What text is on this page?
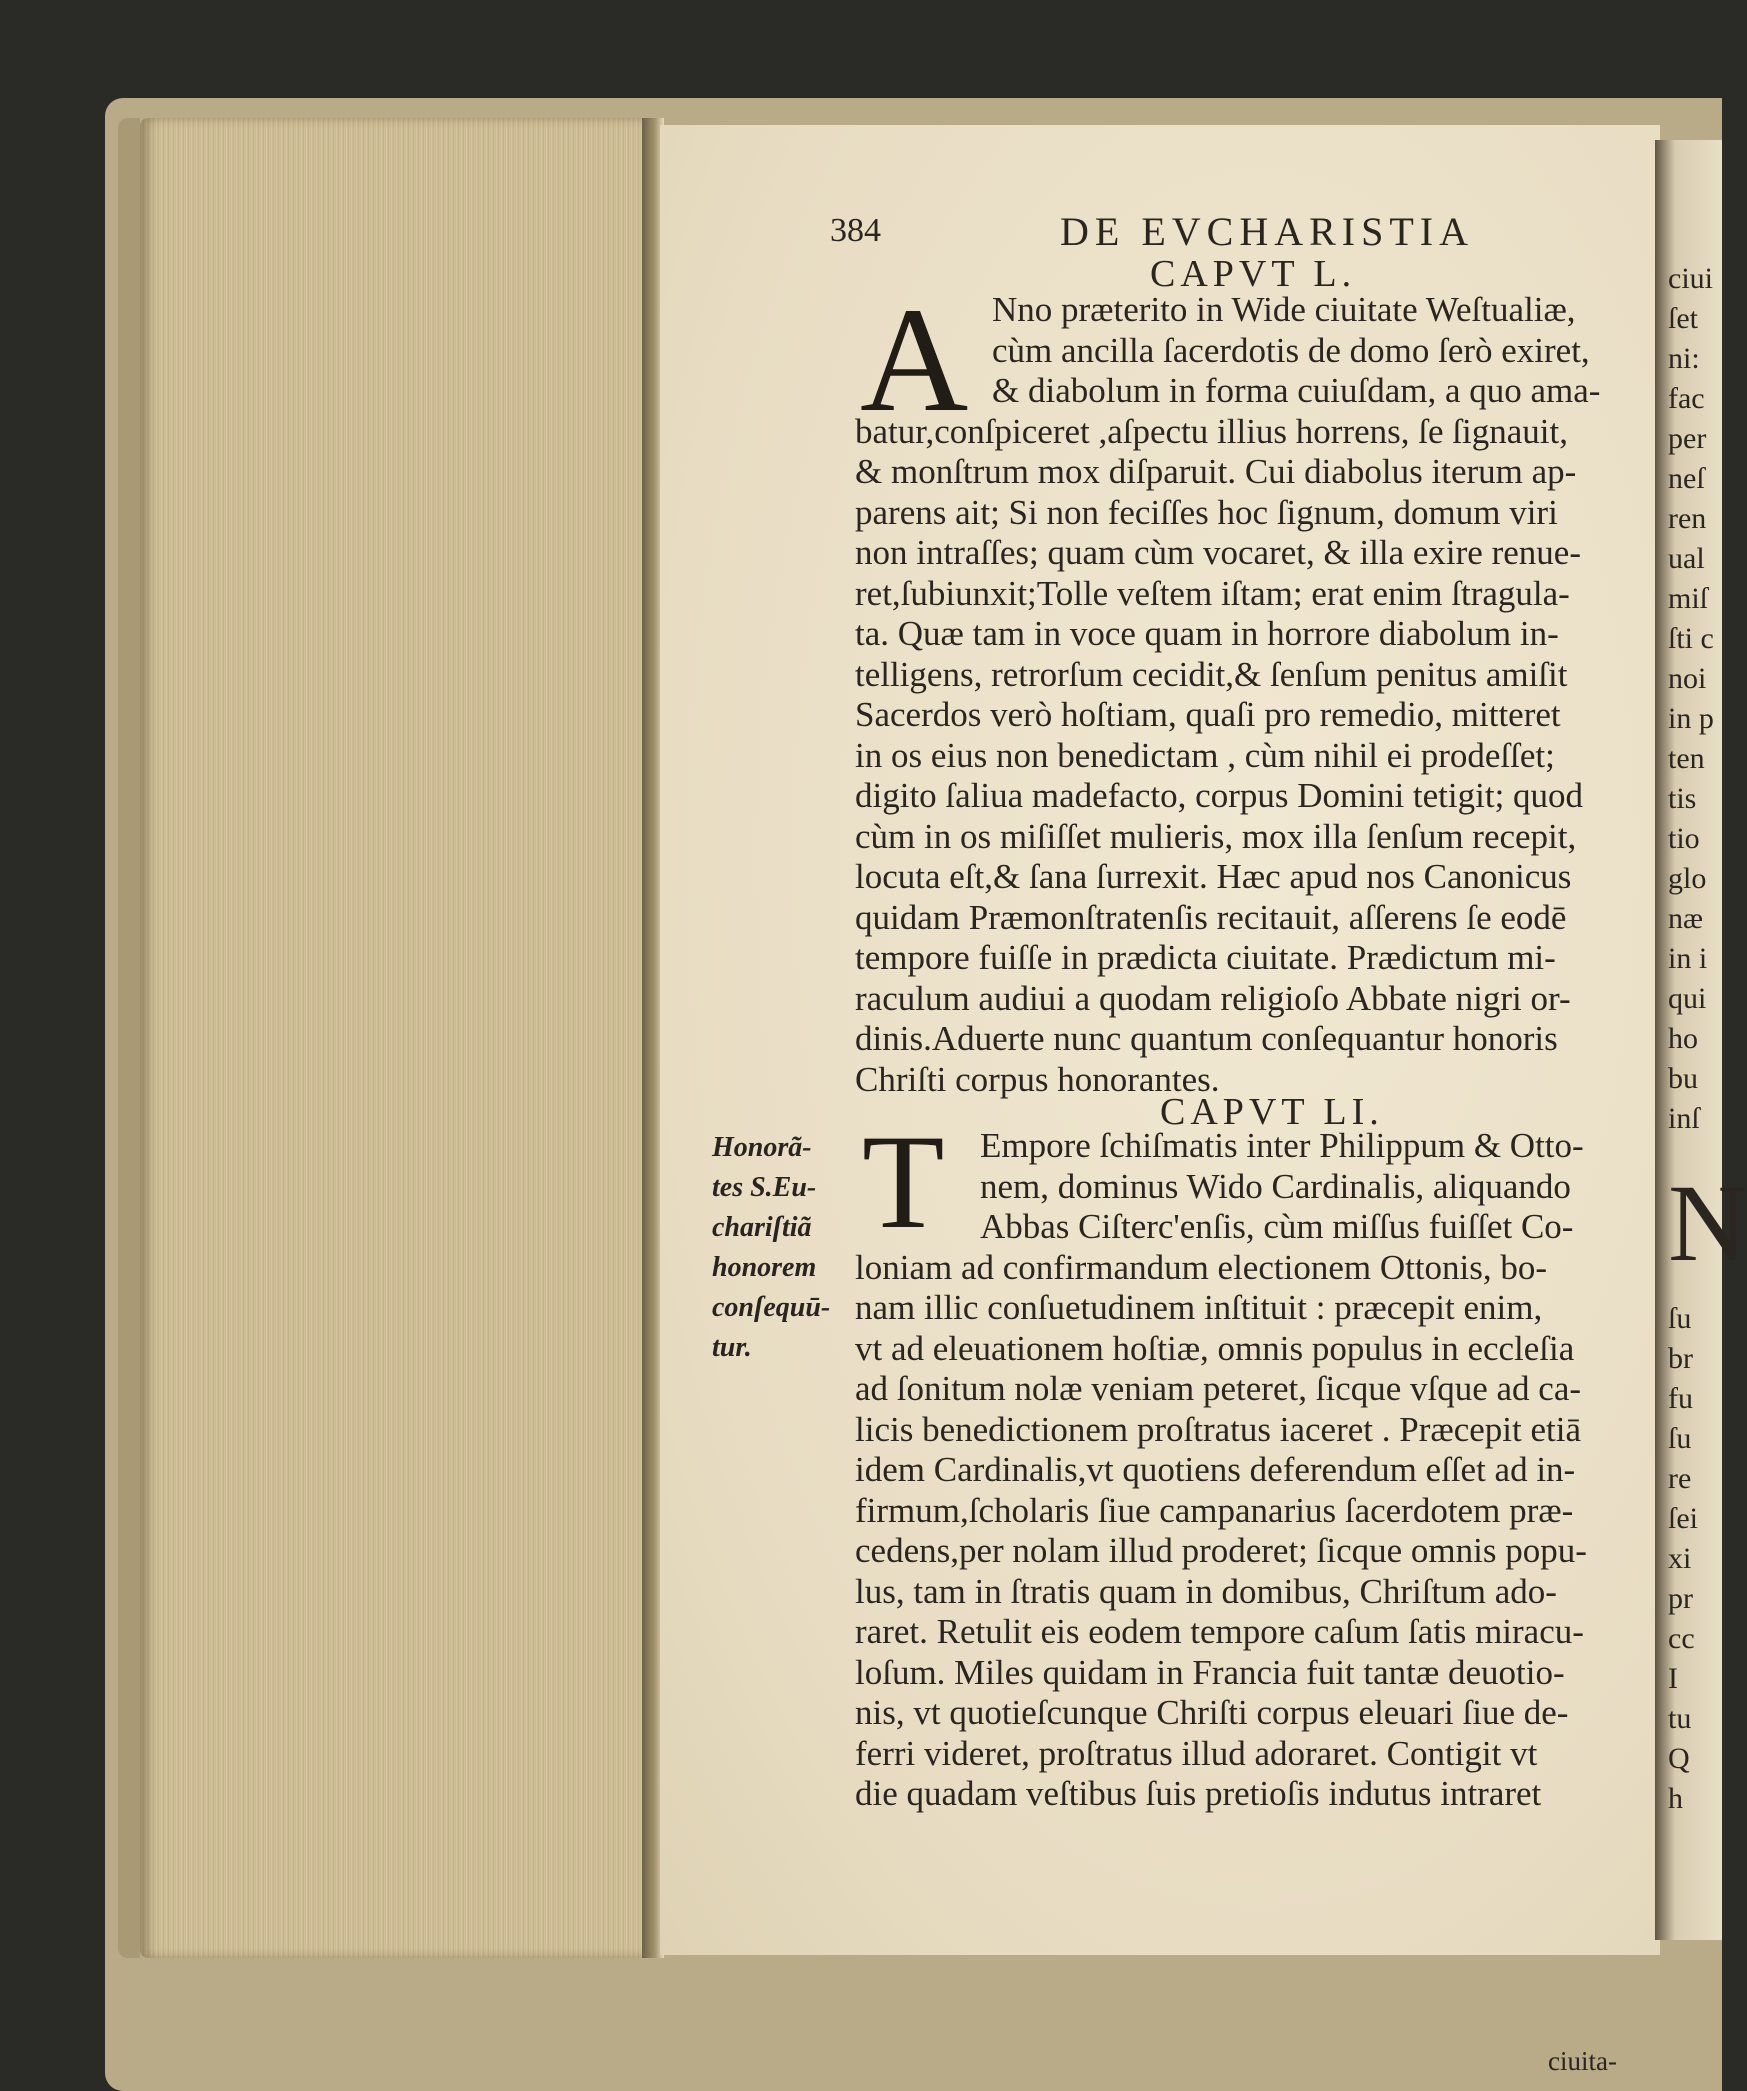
384	DE EVCHARISTIA
CAPVT L.
A Nno præterito in Wide ciuitate Weſtualiæ,
cùm ancilla ſacerdotis de domo ſerò exiret,
& diabolum in forma cuiuſdam, a quo ama-
batur,conſpiceret ,aſpectu illius horrens, ſe ſignauit,
& monſtrum mox diſparuit. Cui diabolus iterum ap-
parens ait; Si non feciſſes hoc ſignum, domum viri
non intraſſes; quam cùm vocaret, & illa exire renue-
ret,ſubiunxit;Tolle veſtem iſtam; erat enim ſtragula-
ta. Quæ tam in voce quam in horrore diabolum in-
telligens, retrorſum cecidit,& ſenſum penitus amiſit
Sacerdos verò hoſtiam, quaſi pro remedio, mitteret
in os eius non benedictam , cùm nihil ei prodeſſet;
digito ſaliua madefacto, corpus Domini tetigit; quod
cùm in os miſiſſet mulieris, mox illa ſenſum recepit,
locuta eſt,& ſana ſurrexit. Hæc apud nos Canonicus
quidam Præmonſtratenſis recitauit, aſſerens ſe eodē
tempore fuiſſe in prædicta ciuitate. Prædictum mi-
raculum audiui a quodam religioſo Abbate nigri or-
dinis.Aduerte nunc quantum conſequantur honoris
Chriſti corpus honorantes.
CAPVT LI.
T Empore ſchiſmatis inter Philippum & Otto-
nem, dominus Wido Cardinalis, aliquando
Abbas Ciſterc'enſis, cùm miſſus fuiſſet Co-
loniam ad confirmandum electionem Ottonis, bo-
nam illic conſuetudinem inſtituit : præcepit enim,
vt ad eleuationem hoſtiæ, omnis populus in eccleſia
ad ſonitum nolæ veniam peteret, ſicque vſque ad ca-
licis benedictionem proſtratus iaceret . Præcepit etiā
idem Cardinalis,vt quotiens deferendum eſſet ad in-
firmum,ſcholaris ſiue campanarius ſacerdotem præ-
cedens,per nolam illud proderet; ſicque omnis popu-
lus, tam in ſtratis quam in domibus, Chriſtum ado-
raret. Retulit eis eodem tempore caſum ſatis miracu-
loſum. Miles quidam in Francia fuit tantæ deuotio-
nis, vt quotieſcunque Chriſti corpus eleuari ſiue de-
ferri videret, proſtratus illud adoraret. Contigit vt
die quadam veſtibus ſuis pretioſis indutus intraret
ciuita-
Honorã-
tes S.Eu-
chariſtiã
honorem
conſequū-
tur.
ciui
ſet
ni:
fac
per
neſ
ren
ual
miſ
ſti c
noi
in p
ten
tis
tio
glo
næ
in i
qui
ho
bu
inſ
N
ſu
br
fu
ſu
re
ſei
xi
pr
cc
I
tu
Q
h
